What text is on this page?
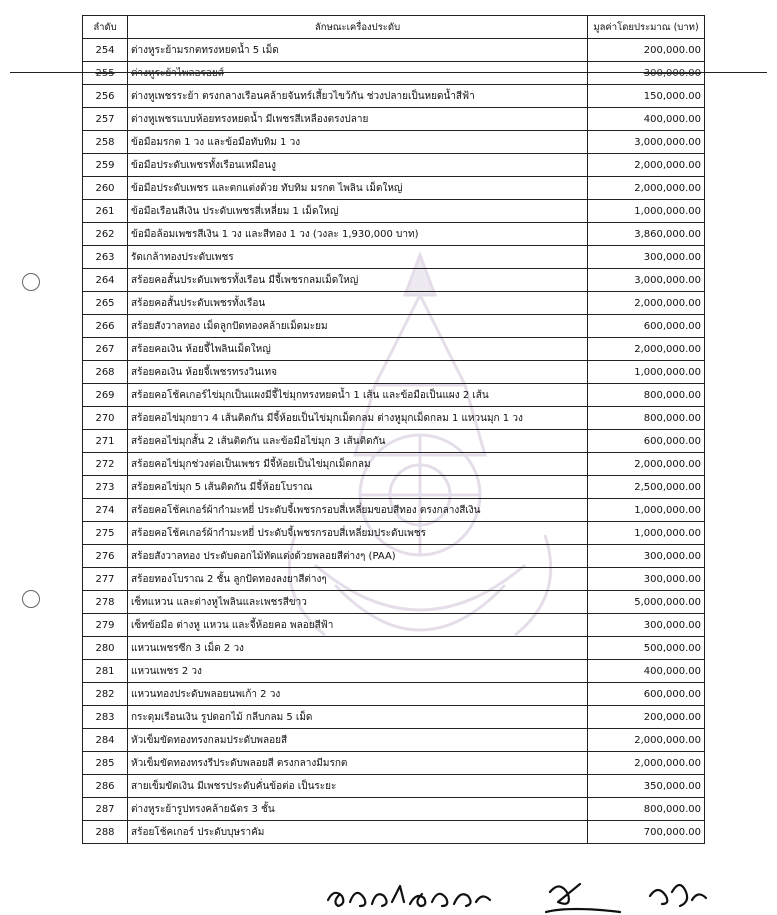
ลำดับ	ลักษณะเครื่องประดับ	มูลค่าโดยประมาณ (บาท)
254	ต่างหูระย้ามรกตทรงหยดน้ำ 5 เม็ด	200,000.00
255	ต่างหูระย้าไพลอรอยส์	300,000.00
256	ต่างหูเพชรระย้า ตรงกลางเรือนคล้ายจันทร์เสี้ยวไขว้กัน ช่วงปลายเป็นหยดน้ำสีฟ้า	150,000.00
257	ต่างหูเพชรแบบห้อยทรงหยดน้ำ มีเพชรสีเหลืองตรงปลาย	400,000.00
258	ข้อมือมรกต 1 วง และข้อมือทับทิม 1 วง	3,000,000.00
259	ข้อมือประดับเพชรทั้งเรือนเหมือนงู	2,000,000.00
260	ข้อมือประดับเพชร และตกแต่งด้วย ทับทิม มรกต ไพลิน เม็ดใหญ่	2,000,000.00
261	ข้อมือเรือนสีเงิน ประดับเพชรสี่เหลี่ยม 1 เม็ดใหญ่	1,000,000.00
262	ข้อมือล้อมเพชรสีเงิน 1 วง และสีทอง 1 วง (วงละ 1,930,000 บาท)	3,860,000.00
263	รัดเกล้าทองประดับเพชร	300,000.00
264	สร้อยคอสั้นประดับเพชรทั้งเรือน มีจี้เพชรกลมเม็ดใหญ่	3,000,000.00
265	สร้อยคอสั้นประดับเพชรทั้งเรือน	2,000,000.00
266	สร้อยสังวาลทอง เม็ดลูกปัดทองคล้ายเม็ดมะยม	600,000.00
267	สร้อยคอเงิน ห้อยจี้ไพลินเม็ดใหญ่	2,000,000.00
268	สร้อยคอเงิน ห้อยจี้เพชรทรงวินเทจ	1,000,000.00
269	สร้อยคอโช้คเกอร์ไข่มุกเป็นแผงมีจี้ไข่มุกทรงหยดน้ำ 1 เส้น และข้อมือเป็นแผง 2 เส้น	800,000.00
270	สร้อยคอไข่มุกยาว 4 เส้นติดกัน มีจี้ห้อยเป็นไข่มุกเม็ดกลม ต่างหูมุกเม็ดกลม 1 แหวนมุก 1 วง	800,000.00
271	สร้อยคอไข่มุกสั้น 2 เส้นติดกัน และข้อมือไข่มุก 3 เส้นติดกัน	600,000.00
272	สร้อยคอไข่มุกช่วงต่อเป็นเพชร มีจี้ห้อยเป็นไข่มุกเม็ดกลม	2,000,000.00
273	สร้อยคอไข่มุก 5 เส้นติดกัน มีจี้ห้อยโบราณ	2,500,000.00
274	สร้อยคอโช้คเกอร์ผ้ากำมะหยี่ ประดับจี้เพชรกรอบสี่เหลี่ยมขอบสีทอง ตรงกลางสีเงิน	1,000,000.00
275	สร้อยคอโช้คเกอร์ผ้ากำมะหยี่ ประดับจี้เพชรกรอบสี่เหลี่ยมประดับเพชร	1,000,000.00
276	สร้อยสังวาลทอง ประดับดอกไม้ทัดแต่งด้วยพลอยสีต่างๆ (PAA)	300,000.00
277	สร้อยทองโบราณ 2 ชั้น ลูกปัดทองลงยาสีต่างๆ	300,000.00
278	เซ็ทแหวน และต่างหูไพลินและเพชรสีขาว	5,000,000.00
279	เซ็ทข้อมือ ต่างหู แหวน และจี้ห้อยคอ พลอยสีฟ้า	300,000.00
280	แหวนเพชรซีก 3 เม็ด 2 วง	500,000.00
281	แหวนเพชร 2 วง	400,000.00
282	แหวนทองประดับพลอยนพเก้า 2 วง	600,000.00
283	กระดุมเรือนเงิน รูปดอกไม้ กลีบกลม 5 เม็ด	200,000.00
284	หัวเข็มขัดทองทรงกลมประดับพลอยสี	2,000,000.00
285	หัวเข็มขัดทองทรงรีประดับพลอยสี ตรงกลางมีมรกต	2,000,000.00
286	สายเข็มขัดเงิน มีเพชรประดับคั่นข้อต่อ เป็นระยะ	350,000.00
287	ต่างหูระย้ารูปทรงคล้ายฉัตร 3 ชั้น	800,000.00
288	สร้อยโช้คเกอร์ ประดับบุษราคัม	700,000.00
